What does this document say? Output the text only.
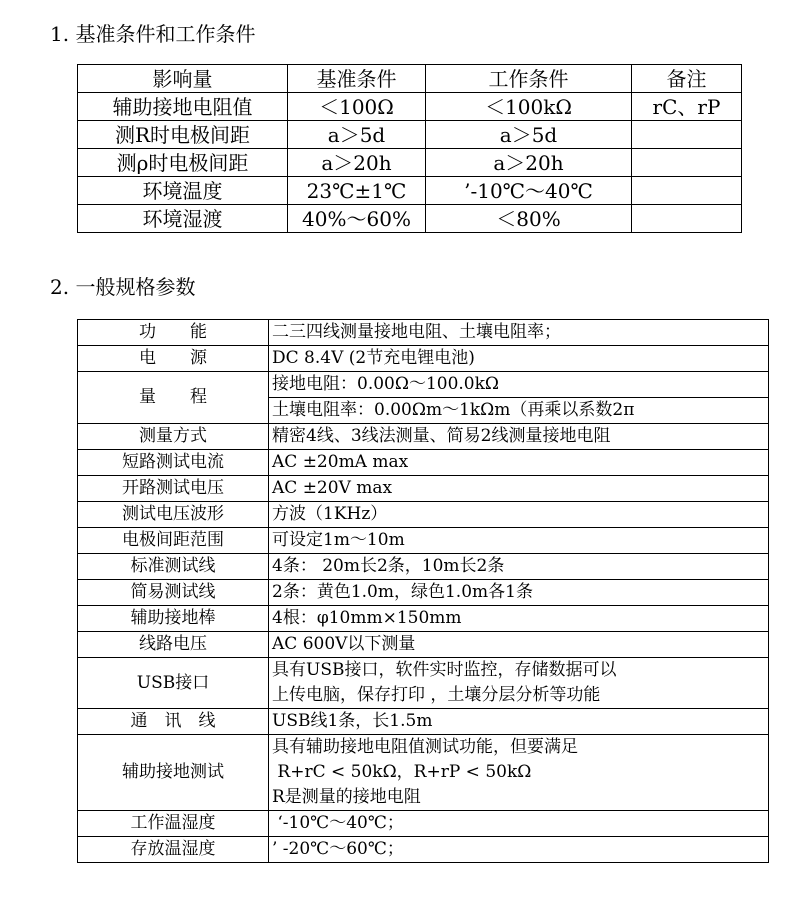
1. 基准条件和工作条件
影响量	基准条件	工作条件	备注
辅助接地电阻值	＜100Ω	＜100kΩ	rC、rP
测R时电极间距	a＞5d	a＞5d	
测ρ时电极间距	a＞20h	a＞20h	
环境温度	23℃±1℃	’-10℃～40℃	
环境湿渡	40%～60%	＜80%	
2. 一般规格参数
功　　能	二三四线测量接地电阻、土壤电阻率；

电　　源	DC 8.4V (2节充电锂电池)

量　　程	接地电阻：0.00Ω～100.0kΩ
土壤电阻率：0.00Ωm～1kΩm（再乘以系数2π

测量方式	精密4线、3线法测量、简易2线测量接地电阻

短路测试电流	AC ±20mA max

开路测试电压	AC ±20V max

测试电压波形	方波（1KHz）

电极间距范围	可设定1m～10m

标准测试线	4条： 20m长2条，10m长2条

简易测试线	2条：黄色1.0m，绿色1.0m各1条

辅助接地棒	4根：φ10mm×150mm

线路电压	AC 600V以下测量

USB接口	具有USB接口，软件实时监控，存储数据可以
上传电脑，保存打印 ，土壤分层分析等功能

通　讯　线	USB线1条，长1.5m

辅助接地测试	具有辅助接地电阻值测试功能，但要满足
R+rC < 50kΩ，R+rP < 50kΩ
R是测量的接地电阻

工作温湿度	‘-10℃～40℃；

存放温湿度	’ -20℃～60℃；
